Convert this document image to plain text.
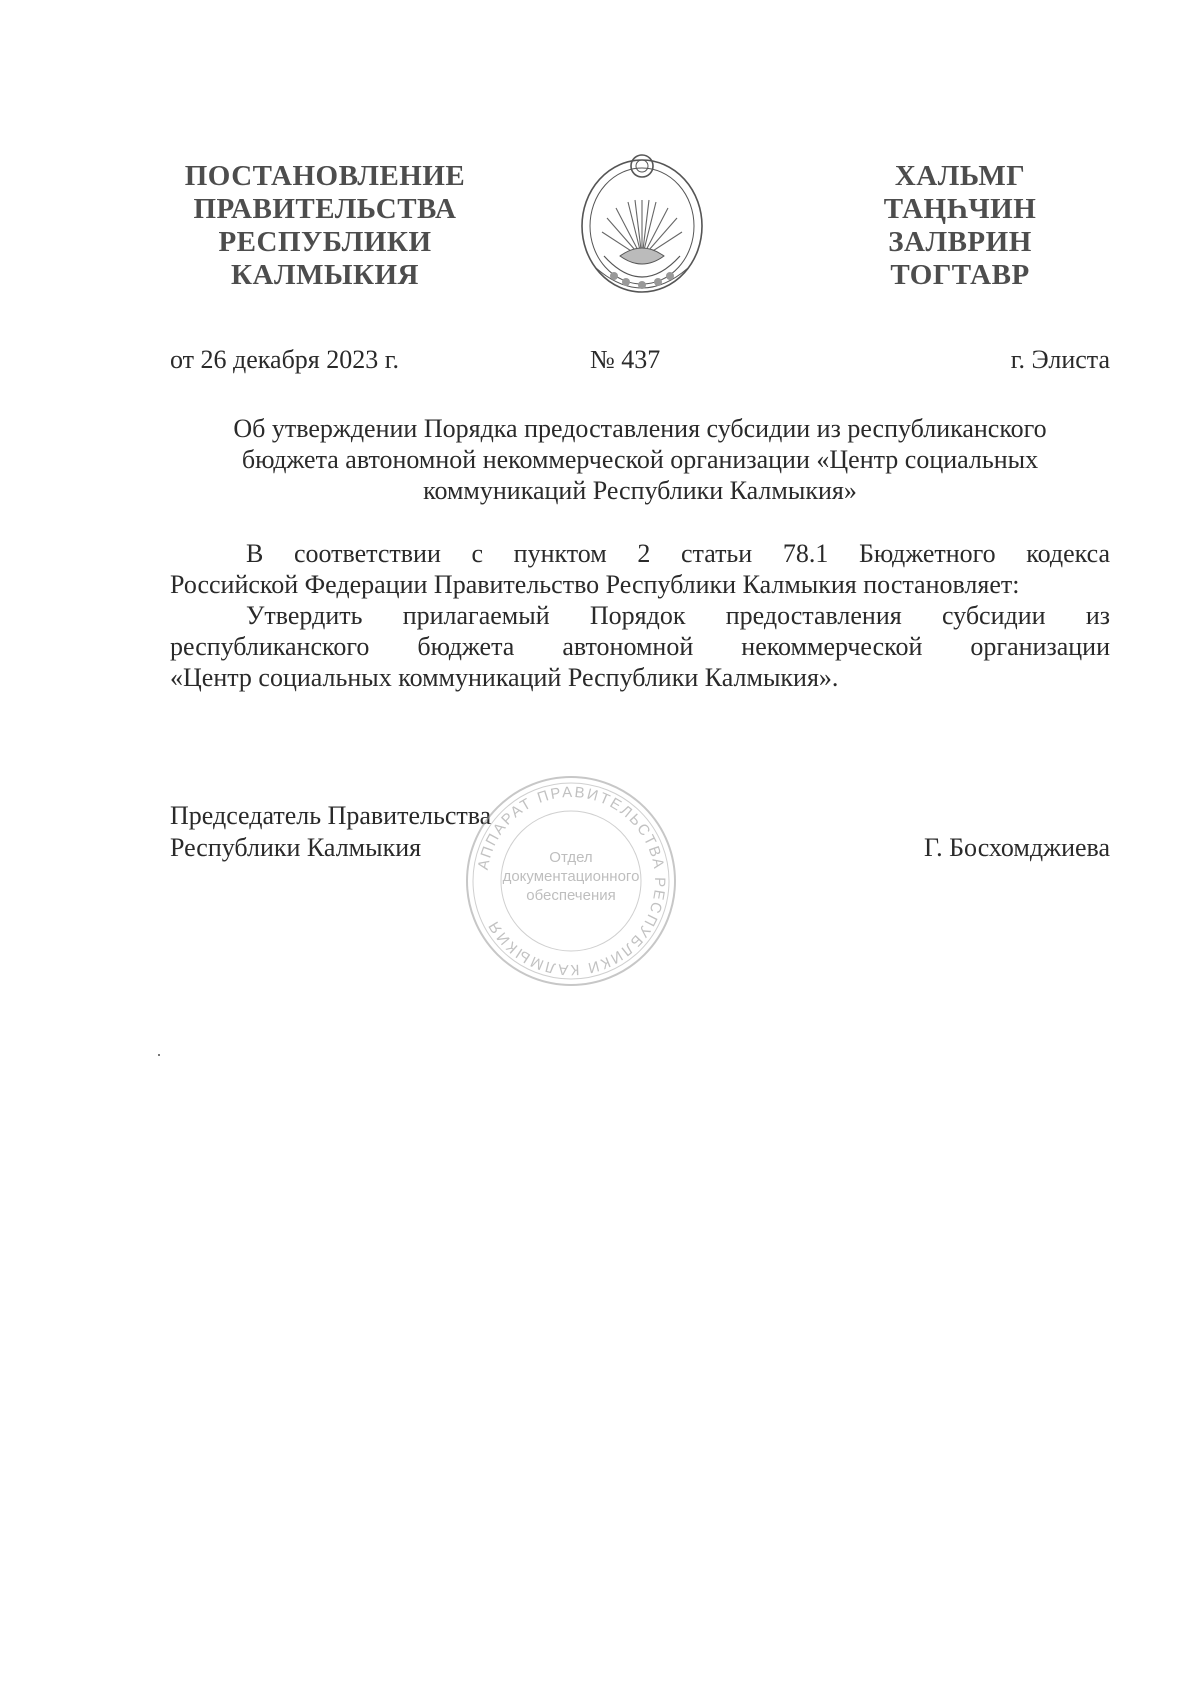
ПОСТАНОВЛЕНИЕ
ПРАВИТЕЛЬСТВА
РЕСПУБЛИКИ
КАЛМЫКИЯ
ХАЛЬМГ
ТАҢҺЧИН
ЗАЛВРИН
ТОГТАВР
от 26 декабря 2023 г.	№ 437	г. Элиста
Об утверждении Порядка предоставления субсидии из республиканского
бюджета автономной некоммерческой организации «Центр социальных
коммуникаций Республики Калмыкия»
В соответствии с пунктом 2 статьи 78.1 Бюджетного кодекса
Российской Федерации Правительство Республики Калмыкия постановляет:
Утвердить прилагаемый Порядок предоставления субсидии из
республиканского бюджета автономной некоммерческой организации
«Центр социальных коммуникаций Республики Калмыкия».
Председатель Правительства
Республики Калмыкия	Г. Босхомджиева
АППАРАТ ПРАВИТЕЛЬСТВА РЕСПУБЛИКИ КАЛМЫКИЯ
Отдел
документационного
обеспечения
